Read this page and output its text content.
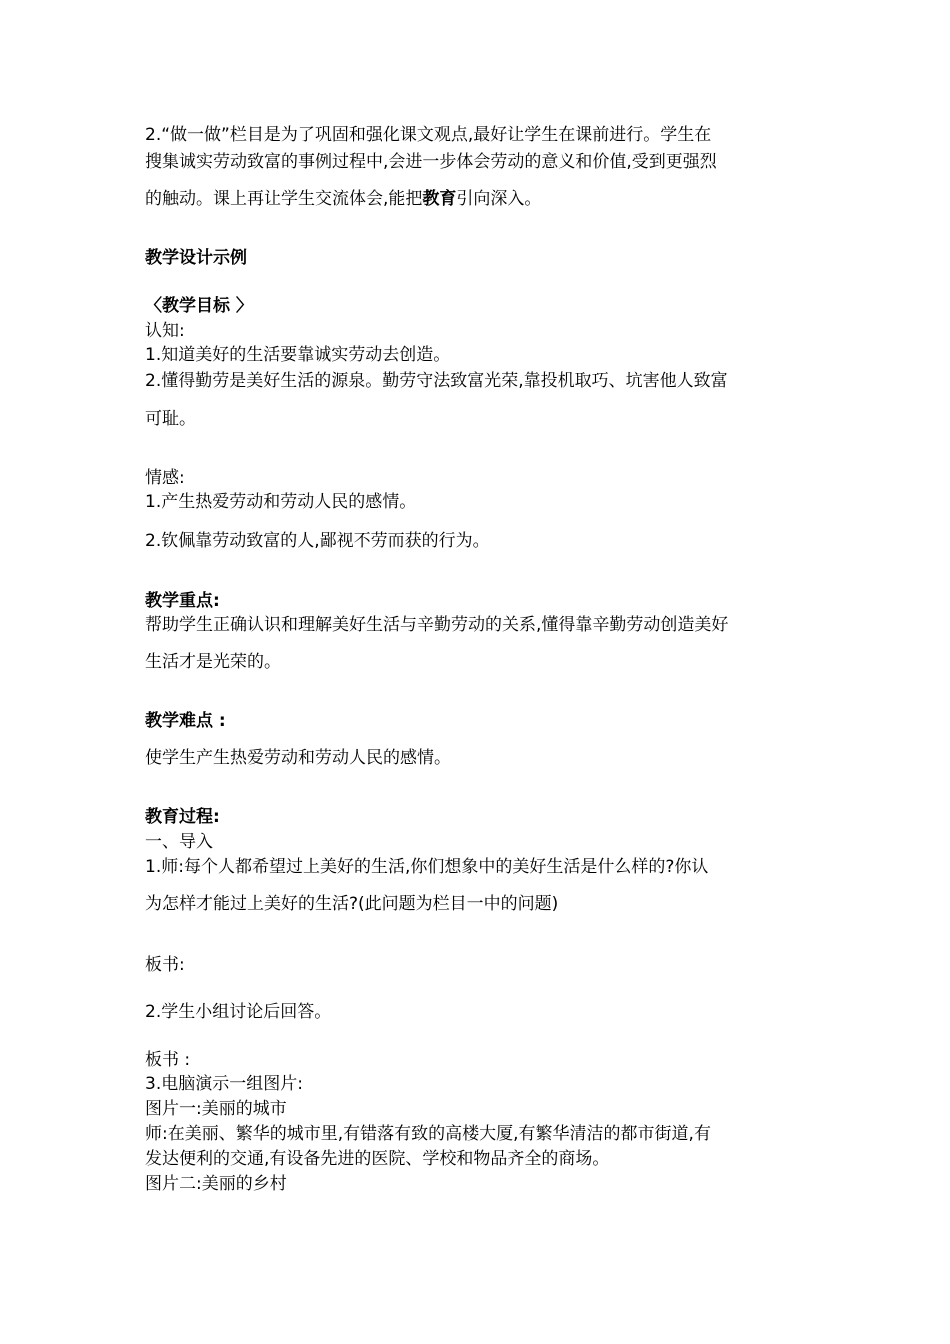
2.“做一做”栏目是为了巩固和强化课文观点,最好让学生在课前进行。学生在
搜集诚实劳动致富的事例过程中,会进一步体会劳动的意义和价值,受到更强烈
的触动。课上再让学生交流体会,能把教育引向深入。
教学设计示例
〈教学目标 〉
认知:
1.知道美好的生活要靠诚实劳动去创造。
2.懂得勤劳是美好生活的源泉。勤劳守法致富光荣,靠投机取巧、坑害他人致富
可耻。
情感:
1.产生热爱劳动和劳动人民的感情。
2.钦佩靠劳动致富的人,鄙视不劳而获的行为。
教学重点:
帮助学生正确认识和理解美好生活与辛勤劳动的关系,懂得靠辛勤劳动创造美好
生活才是光荣的。
教学难点 :
使学生产生热爱劳动和劳动人民的感情。
教育过程:
一、导入
1.师:每个人都希望过上美好的生活,你们想象中的美好生活是什么样的?你认
为怎样才能过上美好的生活?(此问题为栏目一中的问题)
板书:
2.学生小组讨论后回答。
板书 :
3.电脑演示一组图片:
图片一:美丽的城市
师:在美丽、繁华的城市里,有错落有致的高楼大厦,有繁华清洁的都市街道,有
发达便利的交通,有设备先进的医院、学校和物品齐全的商场。
图片二:美丽的乡村
